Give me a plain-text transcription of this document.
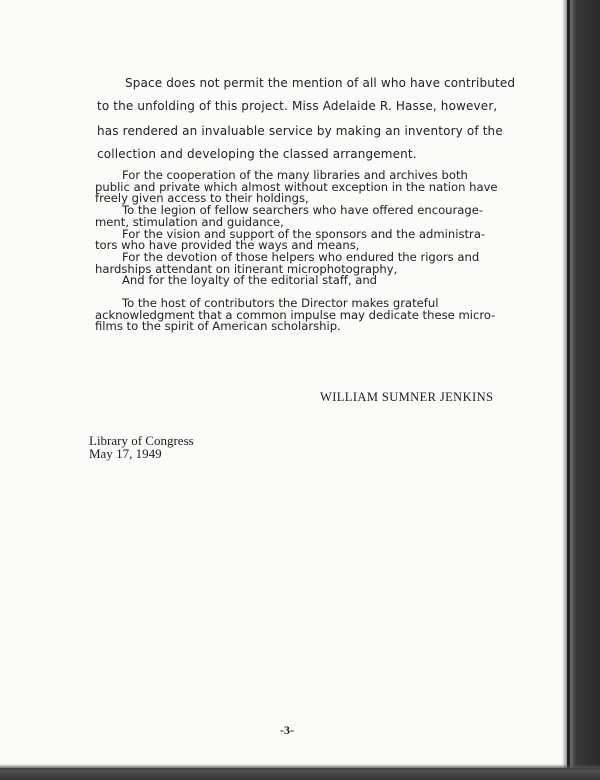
Space does not permit the mention of all who have contributed

to the unfolding of this project. Miss Adelaide R. Hasse, however,

has rendered an invaluable service by making an inventory of the

collection and developing the classed arrangement.

For the cooperation of the many libraries and archives both
public and private which almost without exception in the nation have
freely given access to their holdings,
To the legion of fellow searchers who have offered encourage-
ment, stimulation and guidance,
For the vision and support of the sponsors and the administra-
tors who have provided the ways and means,
For the devotion of those helpers who endured the rigors and
hardships attendant on itinerant microphotography,
And for the loyalty of the editorial staff, and
To the host of contributors the Director makes grateful
acknowledgment that a common impulse may dedicate these micro-
films to the spirit of American scholarship.

WILLIAM SUMNER JENKINS

Library of Congress
May 17, 1949

-3-
